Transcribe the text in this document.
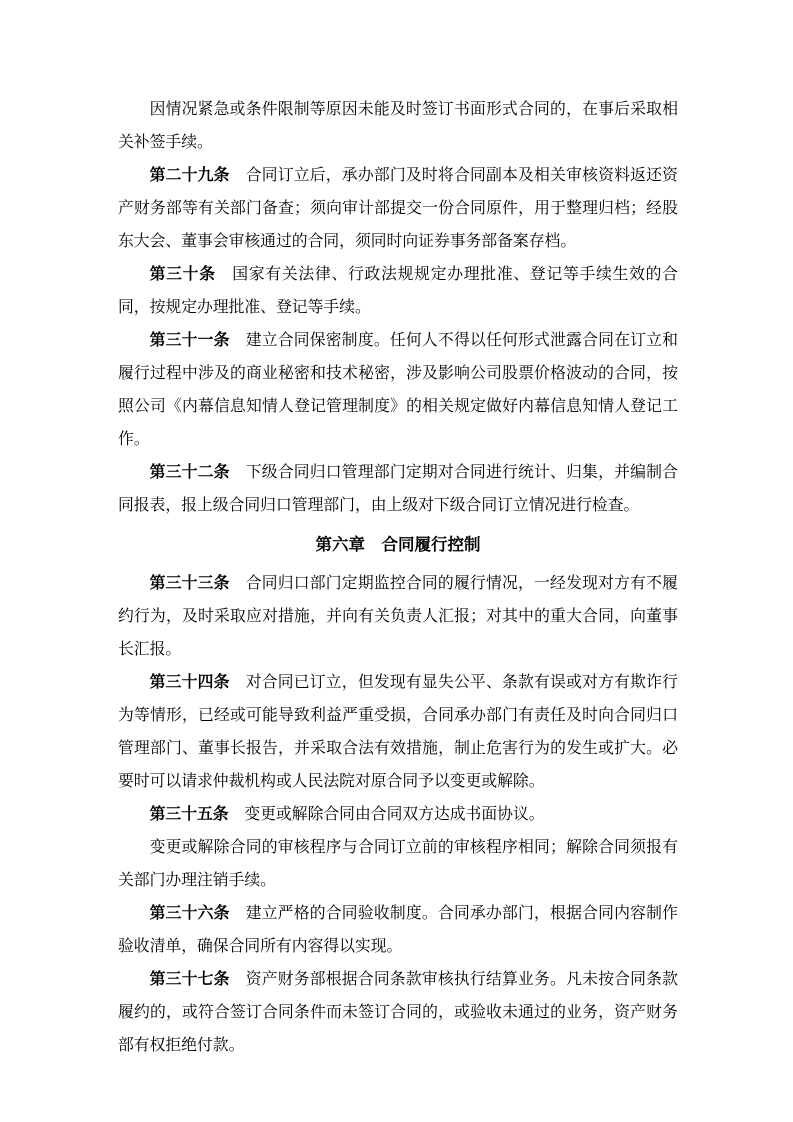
因情况紧急或条件限制等原因未能及时签订书面形式合同的，在事后采取相关补签手续。

第二十九条　合同订立后，承办部门及时将合同副本及相关审核资料返还资产财务部等有关部门备查；须向审计部提交一份合同原件，用于整理归档；经股东大会、董事会审核通过的合同，须同时向证券事务部备案存档。

第三十条　国家有关法律、行政法规规定办理批准、登记等手续生效的合同，按规定办理批准、登记等手续。

第三十一条　建立合同保密制度。任何人不得以任何形式泄露合同在订立和履行过程中涉及的商业秘密和技术秘密，涉及影响公司股票价格波动的合同，按照公司《内幕信息知情人登记管理制度》的相关规定做好内幕信息知情人登记工作。

第三十二条　下级合同归口管理部门定期对合同进行统计、归集，并编制合同报表，报上级合同归口管理部门，由上级对下级合同订立情况进行检查。

第六章　合同履行控制

第三十三条　合同归口部门定期监控合同的履行情况，一经发现对方有不履约行为，及时采取应对措施，并向有关负责人汇报；对其中的重大合同，向董事长汇报。

第三十四条　对合同已订立，但发现有显失公平、条款有误或对方有欺诈行为等情形，已经或可能导致利益严重受损，合同承办部门有责任及时向合同归口管理部门、董事长报告，并采取合法有效措施，制止危害行为的发生或扩大。必要时可以请求仲裁机构或人民法院对原合同予以变更或解除。

第三十五条　变更或解除合同由合同双方达成书面协议。

变更或解除合同的审核程序与合同订立前的审核程序相同；解除合同须报有关部门办理注销手续。

第三十六条　建立严格的合同验收制度。合同承办部门，根据合同内容制作验收清单，确保合同所有内容得以实现。

第三十七条　资产财务部根据合同条款审核执行结算业务。凡未按合同条款履约的，或符合签订合同条件而未签订合同的，或验收未通过的业务，资产财务部有权拒绝付款。
